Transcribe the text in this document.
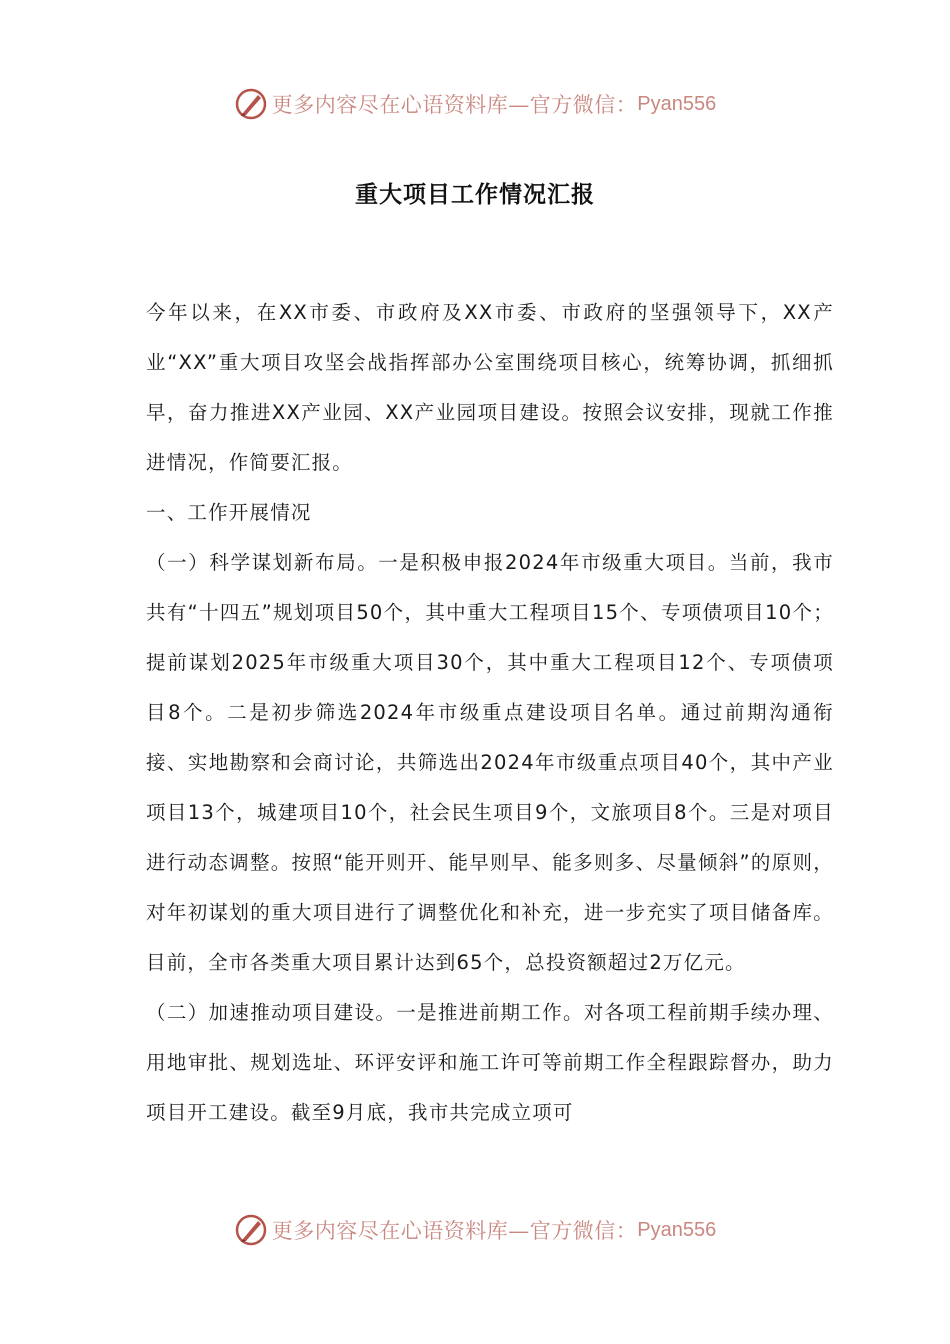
更多内容尽在心语资料库—官方微信： Pyan556
重大项目工作情况汇报

今年以来，在XX市委、市政府及XX市委、市政府的坚强领导下，XX产业“XX”重大项目攻坚会战指挥部办公室围绕项目核心，统筹协调，抓细抓早，奋力推进XX产业园、XX产业园项目建设。按照会议安排，现就工作推进情况，作简要汇报。

一、工作开展情况

（一）科学谋划新布局。一是积极申报2024年市级重大项目。当前，我市共有“十四五”规划项目50个，其中重大工程项目15个、专项债项目10个；提前谋划2025年市级重大项目30个，其中重大工程项目12个、专项债项目8个。二是初步筛选2024年市级重点建设项目名单。通过前期沟通衔接、实地勘察和会商讨论，共筛选出2024年市级重点项目40个，其中产业项目13个，城建项目10个，社会民生项目9个，文旅项目8个。三是对项目进行动态调整。按照“能开则开、能早则早、能多则多、尽量倾斜”的原则，对年初谋划的重大项目进行了调整优化和补充，进一步充实了项目储备库。目前，全市各类重大项目累计达到65个，总投资额超过2万亿元。

（二）加速推动项目建设。一是推进前期工作。对各项工程前期手续办理、用地审批、规划选址、环评安评和施工许可等前期工作全程跟踪督办，助力项目开工建设。截至9月底，我市共完成立项可

更多内容尽在心语资料库—官方微信： Pyan556
